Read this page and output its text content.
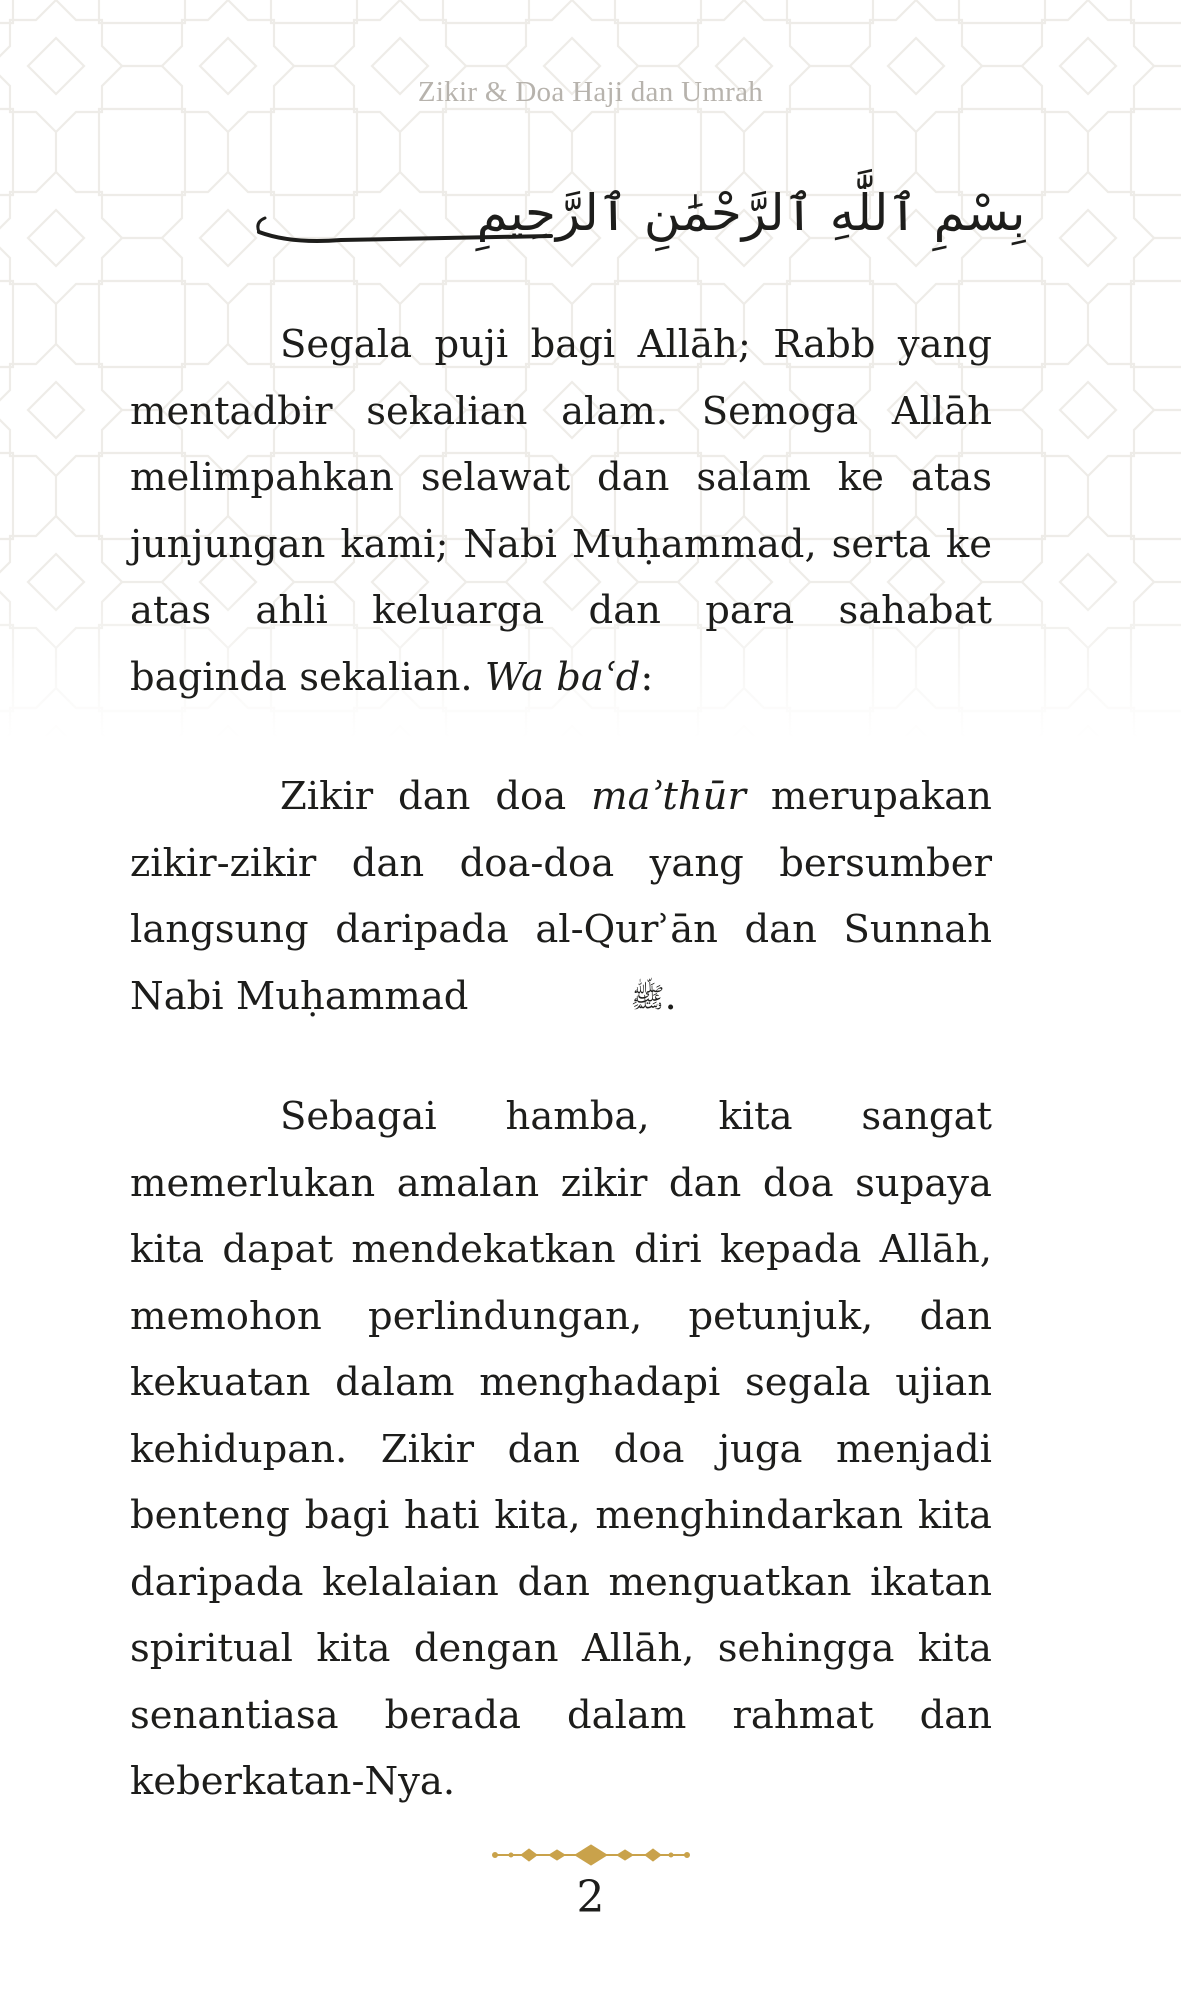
Zikir & Doa Haji dan Umrah
بِسْمِ ٱللَّٰهِ ٱلرَّحْمَٰنِ ٱلرَّحِيمِ

Segala puji bagi Allāh; Rabb yang mentadbir sekalian alam. Semoga Allāh melimpahkan selawat dan salam ke atas junjungan kami; Nabi Muḥammad, serta ke atas ahli keluarga dan para sahabat baginda sekalian. Wa baʿd:

Zikir dan doa maʾthūr merupakan zikir-zikir dan doa-doa yang bersumber langsung daripada al-Qurʾān dan Sunnah Nabi Muḥammad	ﷺ.

Sebagai hamba, kita sangat memerlukan amalan zikir dan doa supaya kita dapat mendekatkan diri kepada Allāh, memohon perlindungan, petunjuk, dan kekuatan dalam menghadapi segala ujian kehidupan. Zikir dan doa juga menjadi benteng bagi hati kita, menghindarkan kita daripada kelalaian dan menguatkan ikatan spiritual kita dengan Allāh, sehingga kita senantiasa berada dalam rahmat dan keberkatan-Nya.

2
